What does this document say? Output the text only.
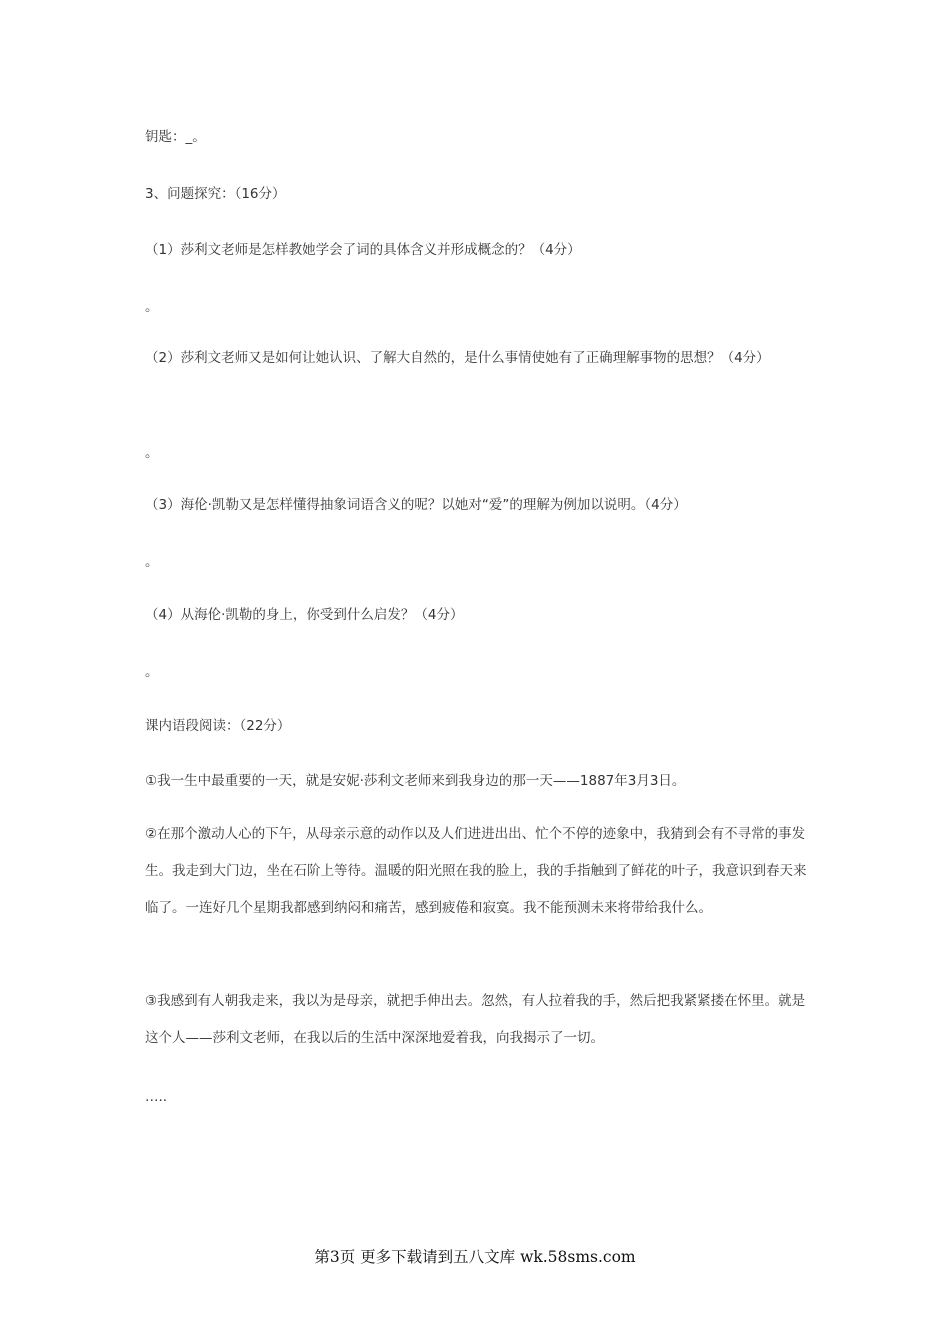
钥匙：_。
3、问题探究：（16分）
（1）莎利文老师是怎样教她学会了词的具体含义并形成概念的？（4分）
。
（2）莎利文老师又是如何让她认识、了解大自然的，是什么事情使她有了正确理解事物的思想？（4分）
。
（3）海伦·凯勒又是怎样懂得抽象词语含义的呢？以她对“爱”的理解为例加以说明。（4分）
。
（4）从海伦·凯勒的身上，你受到什么启发？（4分）
。
课内语段阅读：（22分）
①我一生中最重要的一天，就是安妮·莎利文老师来到我身边的那一天——1887年3月3日。
②在那个激动人心的下午，从母亲示意的动作以及人们进进出出、忙个不停的迹象中，我猜到会有不寻常的事发生。我走到大门边，坐在石阶上等待。温暖的阳光照在我的脸上，我的手指触到了鲜花的叶子，我意识到春天来临了。一连好几个星期我都感到纳闷和痛苦，感到疲倦和寂寞。我不能预测未来将带给我什么。
③我感到有人朝我走来，我以为是母亲，就把手伸出去。忽然，有人拉着我的手，然后把我紧紧搂在怀里。就是这个人——莎利文老师，在我以后的生活中深深地爱着我，向我揭示了一切。
…..
第3页 更多下载请到五八文库 wk.58sms.com
